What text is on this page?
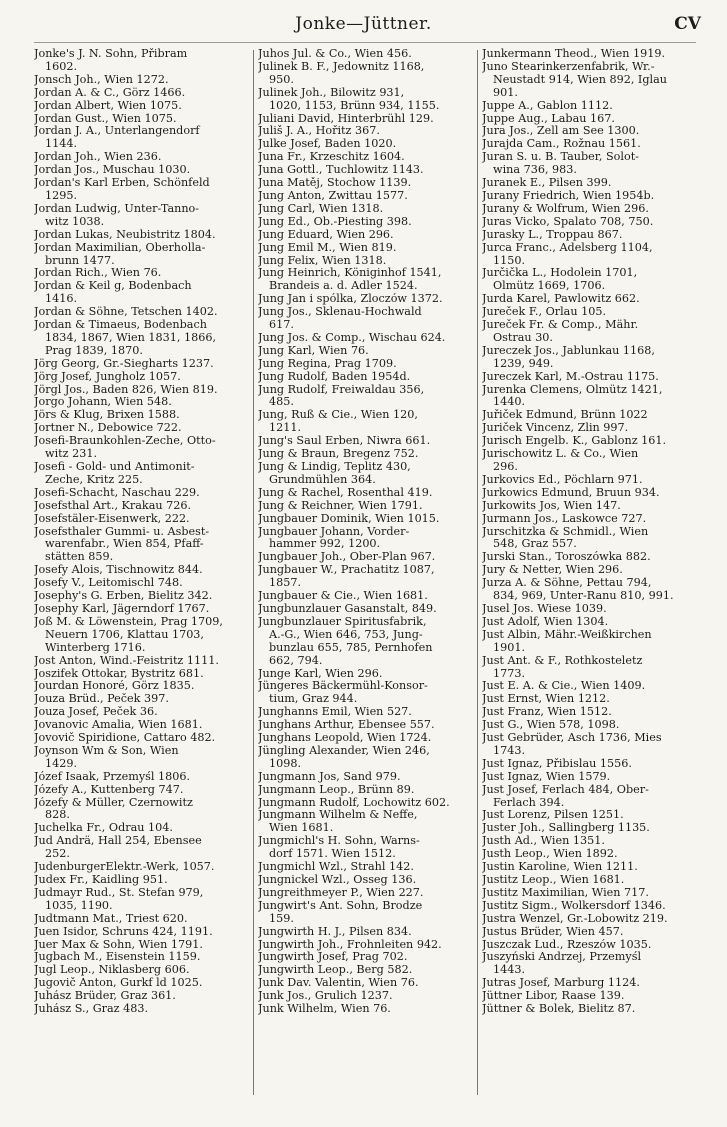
Jonke—Jüttner.	CV
Jonke's J. N. Sohn, Přibram
1602.
Jonsch Joh., Wien 1272.
Jordan A. & C., Görz 1466.
Jordan Albert, Wien 1075.
Jordan Gust., Wien 1075.
Jordan J. A., Unterlangendorf
1144.
Jordan Joh., Wien 236.
Jordan Jos., Muschau 1030.
Jordan's Karl Erben, Schönfeld
1295.
Jordan Ludwig, Unter-Tanno-
witz 1038.
Jordan Lukas, Neubistritz 1804.
Jordan Maximilian, Oberholla-
brunn 1477.
Jordan Rich., Wien 76.
Jordan & Keil g, Bodenbach
1416.
Jordan & Söhne, Tetschen 1402.
Jordan & Timaeus, Bodenbach
1834, 1867, Wien 1831, 1866,
Prag 1839, 1870.
Jörg Georg, Gr.-Siegharts 1237.
Jörg Josef, Jungholz 1057.
Jörgl Jos., Baden 826, Wien 819.
Jorgo Johann, Wien 548.
Jörs & Klug, Brixen 1588.
Jortner N., Debowice 722.
Josefi-Braunkohlen-Zeche, Otto-
witz 231.
Josefi - Gold- und Antimonit-
Zeche, Kritz 225.
Josefi-Schacht, Naschau 229.
Josefsthal Art., Krakau 726.
Josefstäler-Eisenwerk, 222.
Josefsthaler Gummi- u. Asbest-
warenfabr., Wien 854, Pfaff-
stätten 859.
Josefy Alois, Tischnowitz 844.
Josefy V., Leitomischl 748.
Josephy's G. Erben, Bielitz 342.
Josephy Karl, Jägerndorf 1767.
Joß M. & Löwenstein, Prag 1709,
Neuern 1706, Klattau 1703,
Winterberg 1716.
Jost Anton, Wind.-Feistritz 1111.
Joszifek Ottokar, Bystritz 681.
Jourdan Honoré, Görz 1835.
Jouza Brüd., Peček 397.
Jouza Josef, Peček 36.
Jovanovic Amalia, Wien 1681.
Jovovič Spiridione, Cattaro 482.
Joynson Wm & Son, Wien
1429.
Józef Isaak, Przemyśl 1806.
Józefy A., Kuttenberg 747.
Józefy & Müller, Czernowitz
828.
Juchelka Fr., Odrau 104.
Jud Andrä, Hall 254, Ebensee
252.
JudenburgerElektr.-Werk, 1057.
Judex Fr., Kaidling 951.
Judmayr Rud., St. Stefan 979,
1035, 1190.
Judtmann Mat., Triest 620.
Juen Isidor, Schruns 424, 1191.
Juer Max & Sohn, Wien 1791.
Jugbach M., Eisenstein 1159.
Jugl Leop., Niklasberg 606.
Jugovič Anton, Gurkf ld 1025.
Juhász Brüder, Graz 361.
Juhász S., Graz 483.
Juhos Jul. & Co., Wien 456.
Julinek B. F., Jedownitz 1168,
950.
Julinek Joh., Bilowitz 931,
1020, 1153, Brünn 934, 1155.
Juliani David, Hinterbrühl 129.
Juliš J. A., Hořitz 367.
Julke Josef, Baden 1020.
Juna Fr., Krzeschitz 1604.
Juna Gottl., Tuchlowitz 1143.
Juna Matěj, Stochow 1139.
Jung Anton, Zwittau 1577.
Jung Carl, Wien 1318.
Jung Ed., Ob.-Piesting 398.
Jung Eduard, Wien 296.
Jung Emil M., Wien 819.
Jung Felix, Wien 1318.
Jung Heinrich, Königinhof 1541,
Brandeis a. d. Adler 1524.
Jung Jan i spólka, Zloczów 1372.
Jung Jos., Sklenau-Hochwald
617.
Jung Jos. & Comp., Wischau 624.
Jung Karl, Wien 76.
Jung Regina, Prag 1709.
Jung Rudolf, Baden 1954d.
Jung Rudolf, Freiwaldau 356,
485.
Jung, Ruß & Cie., Wien 120,
1211.
Jung's Saul Erben, Niwra 661.
Jung & Braun, Bregenz 752.
Jung & Lindig, Teplitz 430,
Grundmühlen 364.
Jung & Rachel, Rosenthal 419.
Jung & Reichner, Wien 1791.
Jungbauer Dominik, Wien 1015.
Jungbauer Johann, Vorder-
hammer 992, 1200.
Jungbauer Joh., Ober-Plan 967.
Jungbauer W., Prachatitz 1087,
1857.
Jungbauer & Cie., Wien 1681.
Jungbunzlauer Gasanstalt, 849.
Jungbunzlauer Spiritusfabrik,
A.-G., Wien 646, 753, Jung-
bunzlau 655, 785, Pernhofen
662, 794.
Junge Karl, Wien 296.
Jüngeres Bäckermühl-Konsor-
tium, Graz 944.
Junghanns Emil, Wien 527.
Junghans Arthur, Ebensee 557.
Junghans Leopold, Wien 1724.
Jüngling Alexander, Wien 246,
1098.
Jungmann Jos, Sand 979.
Jungmann Leop., Brünn 89.
Jungmann Rudolf, Lochowitz 602.
Jungmann Wilhelm & Neffe,
Wien 1681.
Jungmichl's H. Sohn, Warns-
dorf 1571. Wien 1512.
Jungmichl Wzl., Strahl 142.
Jungnickel Wzl., Osseg 136.
Jungreithmeyer P., Wien 227.
Jungwirt's Ant. Sohn, Brodze
159.
Jungwirth H. J., Pilsen 834.
Jungwirth Joh., Frohnleiten 942.
Jungwirth Josef, Prag 702.
Jungwirth Leop., Berg 582.
Junk Dav. Valentin, Wien 76.
Junk Jos., Grulich 1237.
Junk Wilhelm, Wien 76.
Junkermann Theod., Wien 1919.
Juno Stearinkerzenfabrik, Wr.-
Neustadt 914, Wien 892, Iglau
901.
Juppe A., Gablon 1112.
Juppe Aug., Labau 167.
Jura Jos., Zell am See 1300.
Jurajda Cam., Rožnau 1561.
Juran S. u. B. Tauber, Solot-
wina 736, 983.
Juranek E., Pilsen 399.
Jurany Friedrich, Wien 1954b.
Jurany & Wolfrum, Wien 296.
Juras Vicko, Spalato 708, 750.
Jurasky L., Troppau 867.
Jurca Franc., Adelsberg 1104,
1150.
Jurčička L., Hodolein 1701,
Olmütz 1669, 1706.
Jurda Karel, Pawlowitz 662.
Jureček F., Orlau 105.
Jureček Fr. & Comp., Mähr.
Ostrau 30.
Jureczek Jos., Jablunkau 1168,
1239, 949.
Jureczek Karl, M.-Ostrau 1175.
Jurenka Clemens, Olmütz 1421,
1440.
Juřiček Edmund, Brünn 1022
Juriček Vincenz, Zlin 997.
Jurisch Engelb. K., Gablonz 161.
Jurischowitz L. & Co., Wien
296.
Jurkovics Ed., Pöchlarn 971.
Jurkowics Edmund, Bruun 934.
Jurkowits Jos, Wien 147.
Jurmann Jos., Laskowce 727.
Jurschitzka & Schmidl., Wien
548, Graz 557.
Jurski Stan., Toroszówka 882.
Jury & Netter, Wien 296.
Jurza A. & Söhne, Pettau 794,
834, 969, Unter-Ranu 810, 991.
Jusel Jos. Wiese 1039.
Just Adolf, Wien 1304.
Just Albin, Mähr.-Weißkirchen
1901.
Just Ant. & F., Rothkosteletz
1773.
Just E. A. & Cie., Wien 1409.
Just Ernst, Wien 1212.
Just Franz, Wien 1512.
Just G., Wien 578, 1098.
Just Gebrüder, Asch 1736, Mies
1743.
Just Ignaz, Přibislau 1556.
Just Ignaz, Wien 1579.
Just Josef, Ferlach 484, Ober-
Ferlach 394.
Just Lorenz, Pilsen 1251.
Juster Joh., Sallingberg 1135.
Justh Ad., Wien 1351.
Justh Leop., Wien 1892.
Justin Karoline, Wien 1211.
Justitz Leop., Wien 1681.
Justitz Maximilian, Wien 717.
Justitz Sigm., Wolkersdorf 1346.
Justra Wenzel, Gr.-Lobowitz 219.
Justus Brüder, Wien 457.
Juszczak Lud., Rzeszów 1035.
Juszyński Andrzej, Przemyśl
1443.
Jutras Josef, Marburg 1124.
Jüttner Libor, Raase 139.
Jüttner & Bolek, Bielitz 87.
